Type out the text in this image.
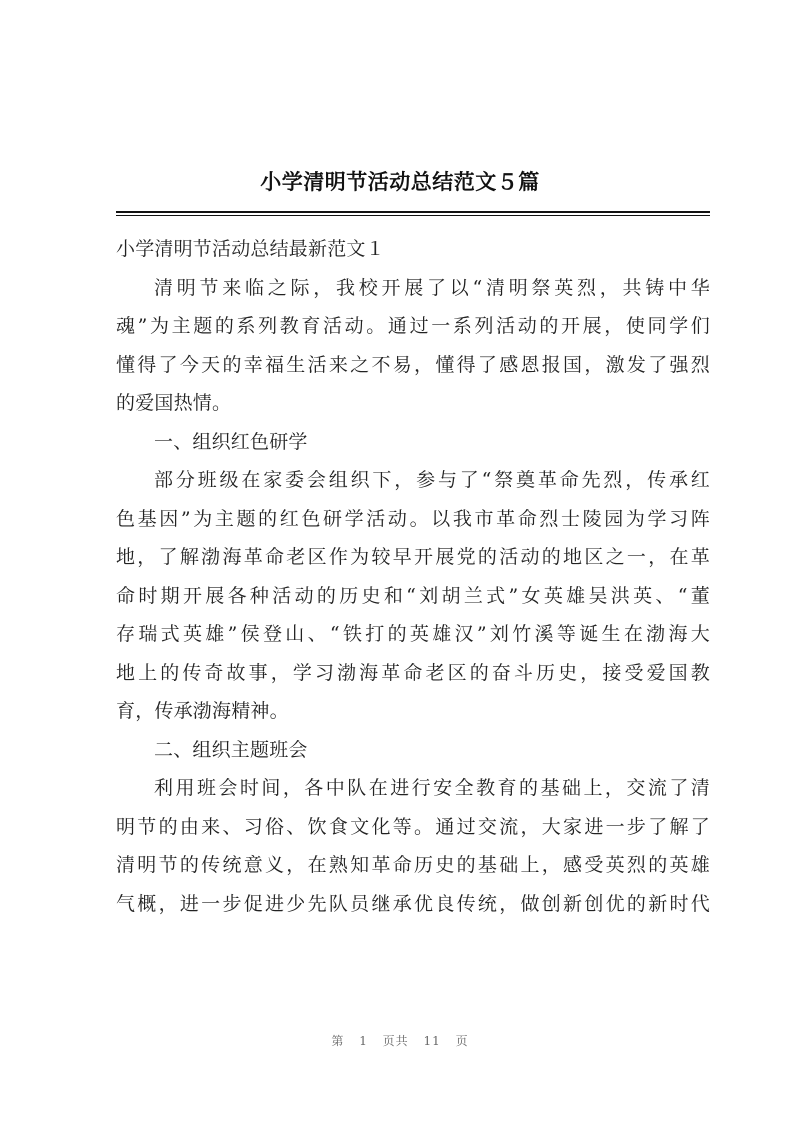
小学清明节活动总结范文５篇
小学清明节活动总结最新范文１
清明节来临之际，我校开展了以“清明祭英烈，共铸中华
魂”为主题的系列教育活动。通过一系列活动的开展，使同学们
懂得了今天的幸福生活来之不易，懂得了感恩报国，激发了强烈
的爱国热情。
一、组织红色研学
部分班级在家委会组织下，参与了“祭奠革命先烈，传承红
色基因”为主题的红色研学活动。以我市革命烈士陵园为学习阵
地，了解渤海革命老区作为较早开展党的活动的地区之一，在革
命时期开展各种活动的历史和“刘胡兰式”女英雄吴洪英、“董
存瑞式英雄”侯登山、“铁打的英雄汉”刘竹溪等诞生在渤海大
地上的传奇故事，学习渤海革命老区的奋斗历史，接受爱国教
育，传承渤海精神。
二、组织主题班会
利用班会时间，各中队在进行安全教育的基础上，交流了清
明节的由来、习俗、饮食文化等。通过交流，大家进一步了解了
清明节的传统意义，在熟知革命历史的基础上，感受英烈的英雄
气概，进一步促进少先队员继承优良传统，做创新创优的新时代
第 1 页共 11 页
